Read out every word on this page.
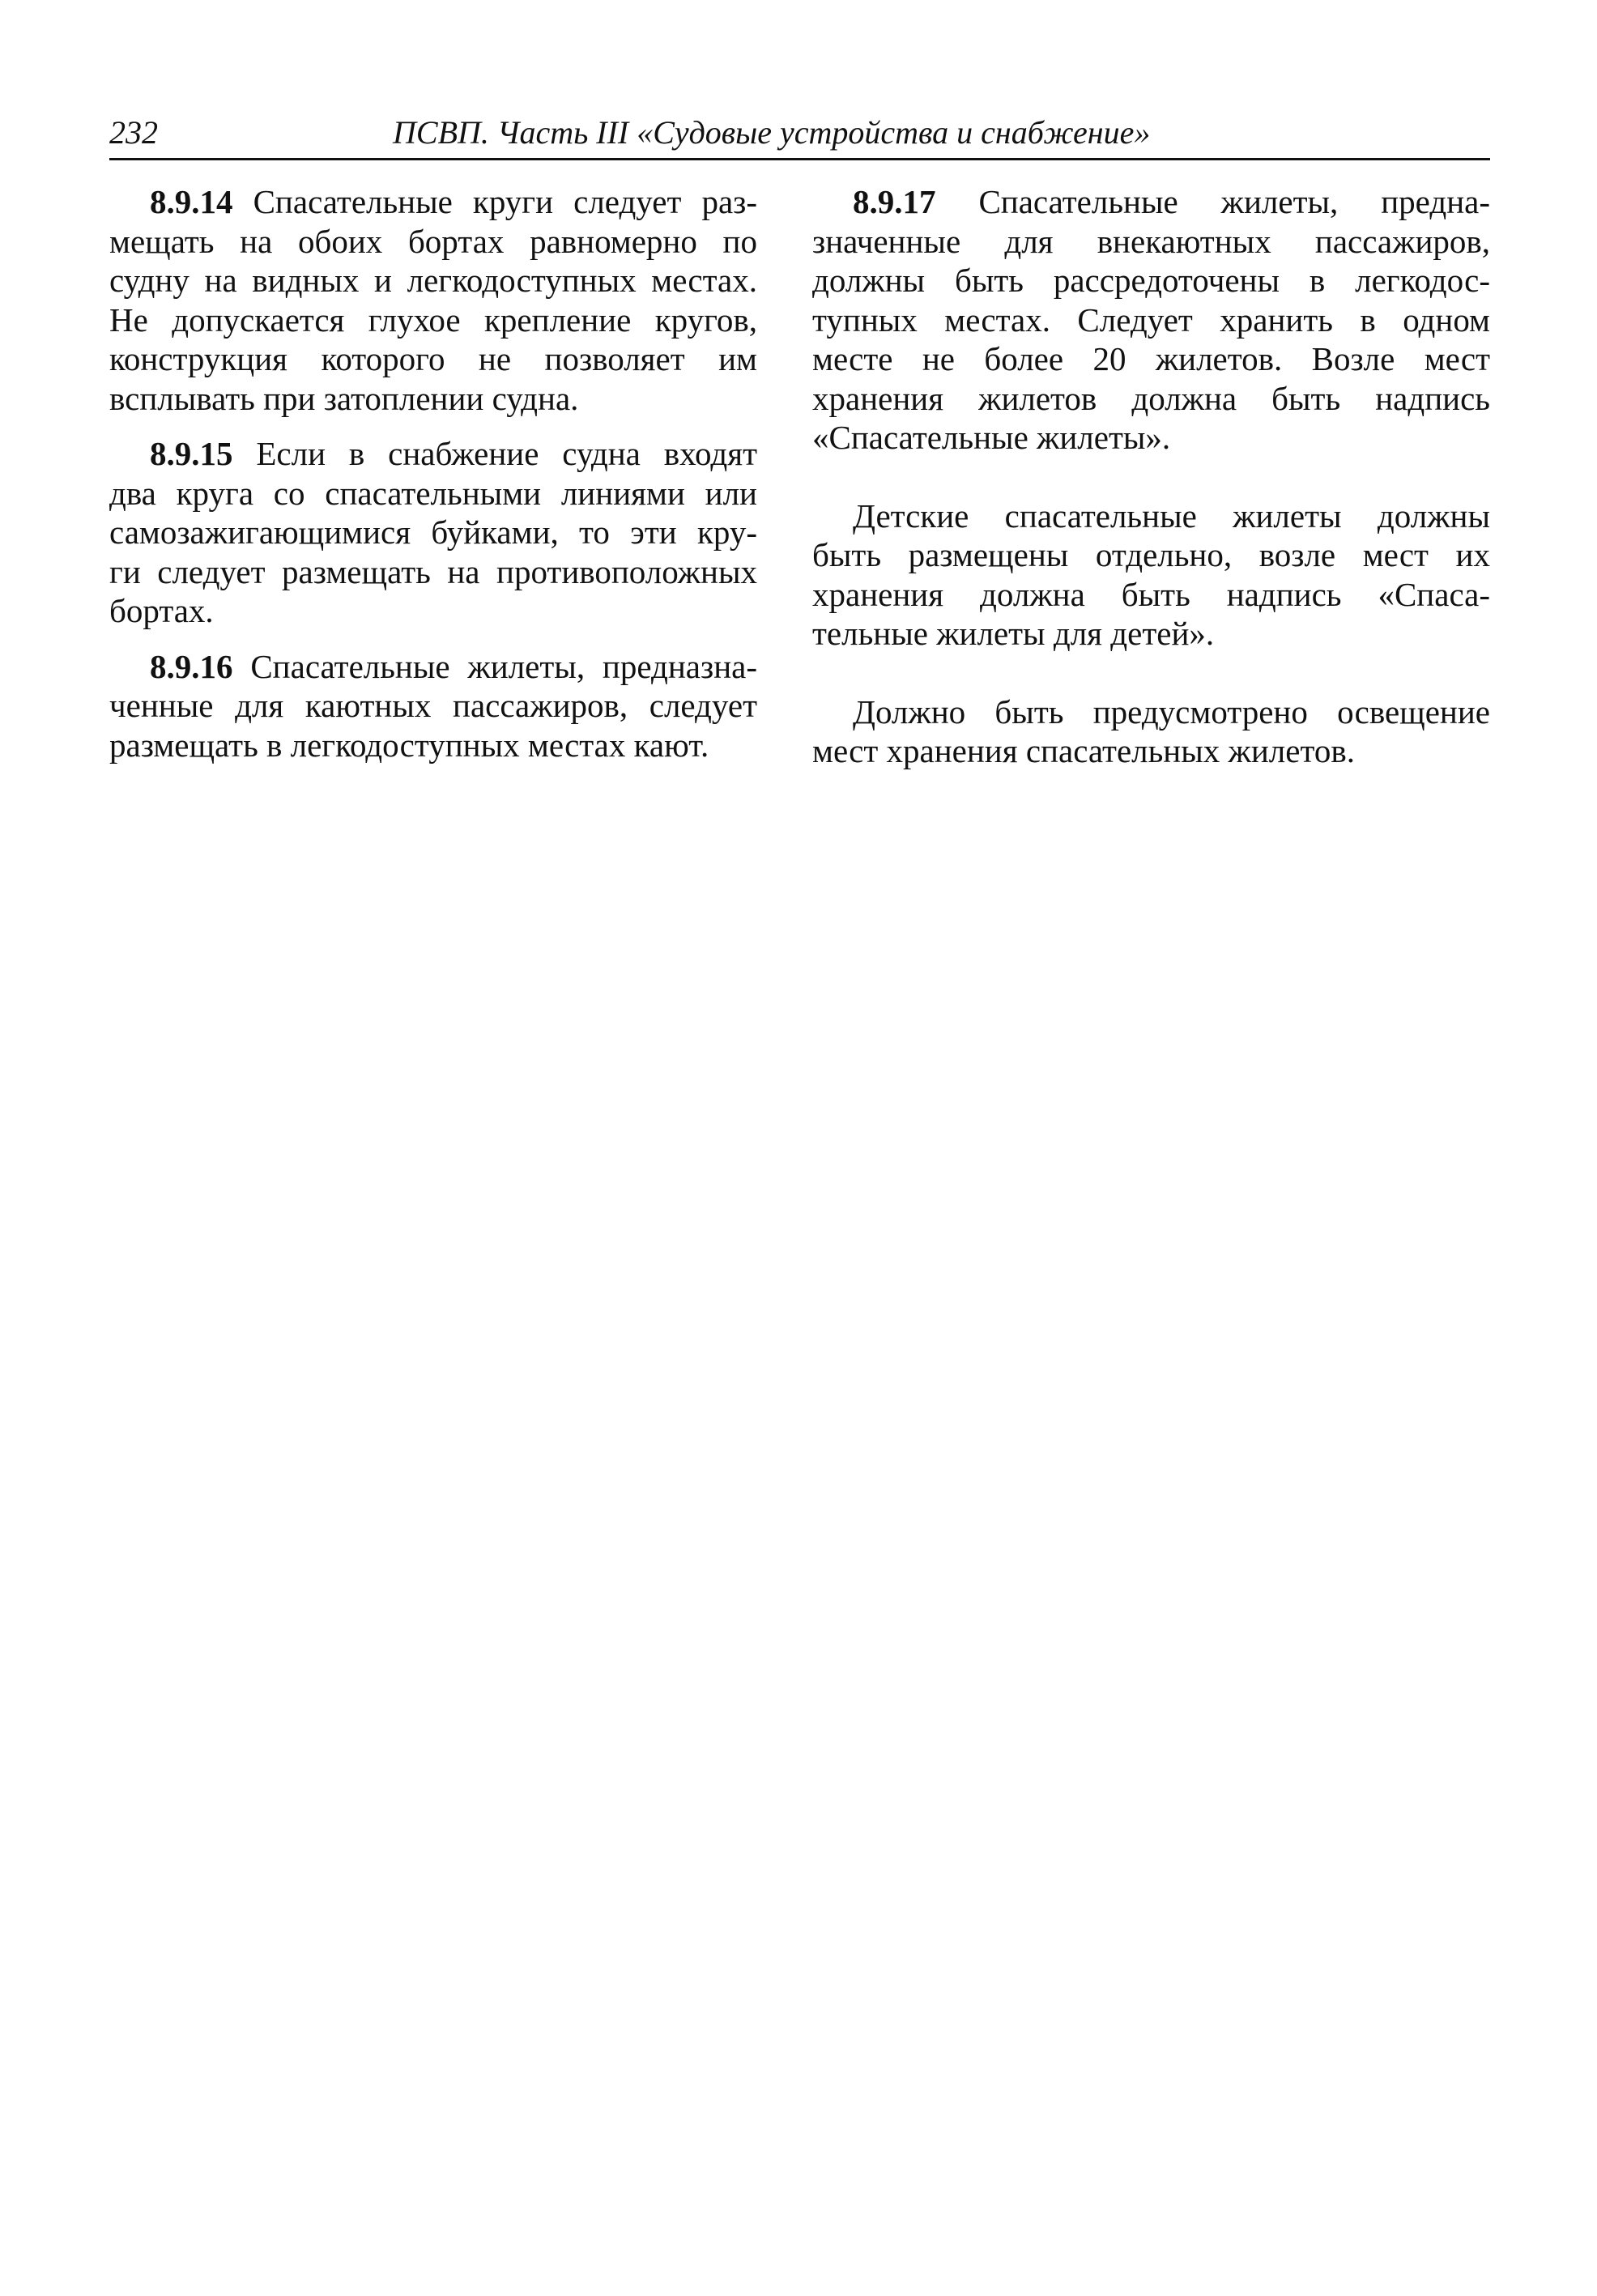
232	ПСВП. Часть III «Судовые устройства и снабжение»
8.9.14 Спасательные круги следует раз-
мещать на обоих бортах равномерно по
судну на видных и легкодоступных местах.
Не допускается глухое крепление кругов,
конструкция которого не позволяет им
всплывать при затоплении судна.
8.9.15 Если в снабжение судна входят
два круга со спасательными линиями или
самозажигающимися буйками, то эти кру-
ги следует размещать на противоположных
бортах.
8.9.16 Спасательные жилеты, предназна-
ченные для каютных пассажиров, следует
размещать в легкодоступных местах кают.
8.9.17 Спасательные жилеты, предна-
значенные для внекаютных пассажиров,
должны быть рассредоточены в легкодос-
тупных местах. Следует хранить в одном
месте не более 20 жилетов. Возле мест
хранения жилетов должна быть надпись
«Спасательные жилеты».
Детские спасательные жилеты должны
быть размещены отдельно, возле мест их
хранения должна быть надпись «Спаса-
тельные жилеты для детей».
Должно быть предусмотрено освещение
мест хранения спасательных жилетов.
